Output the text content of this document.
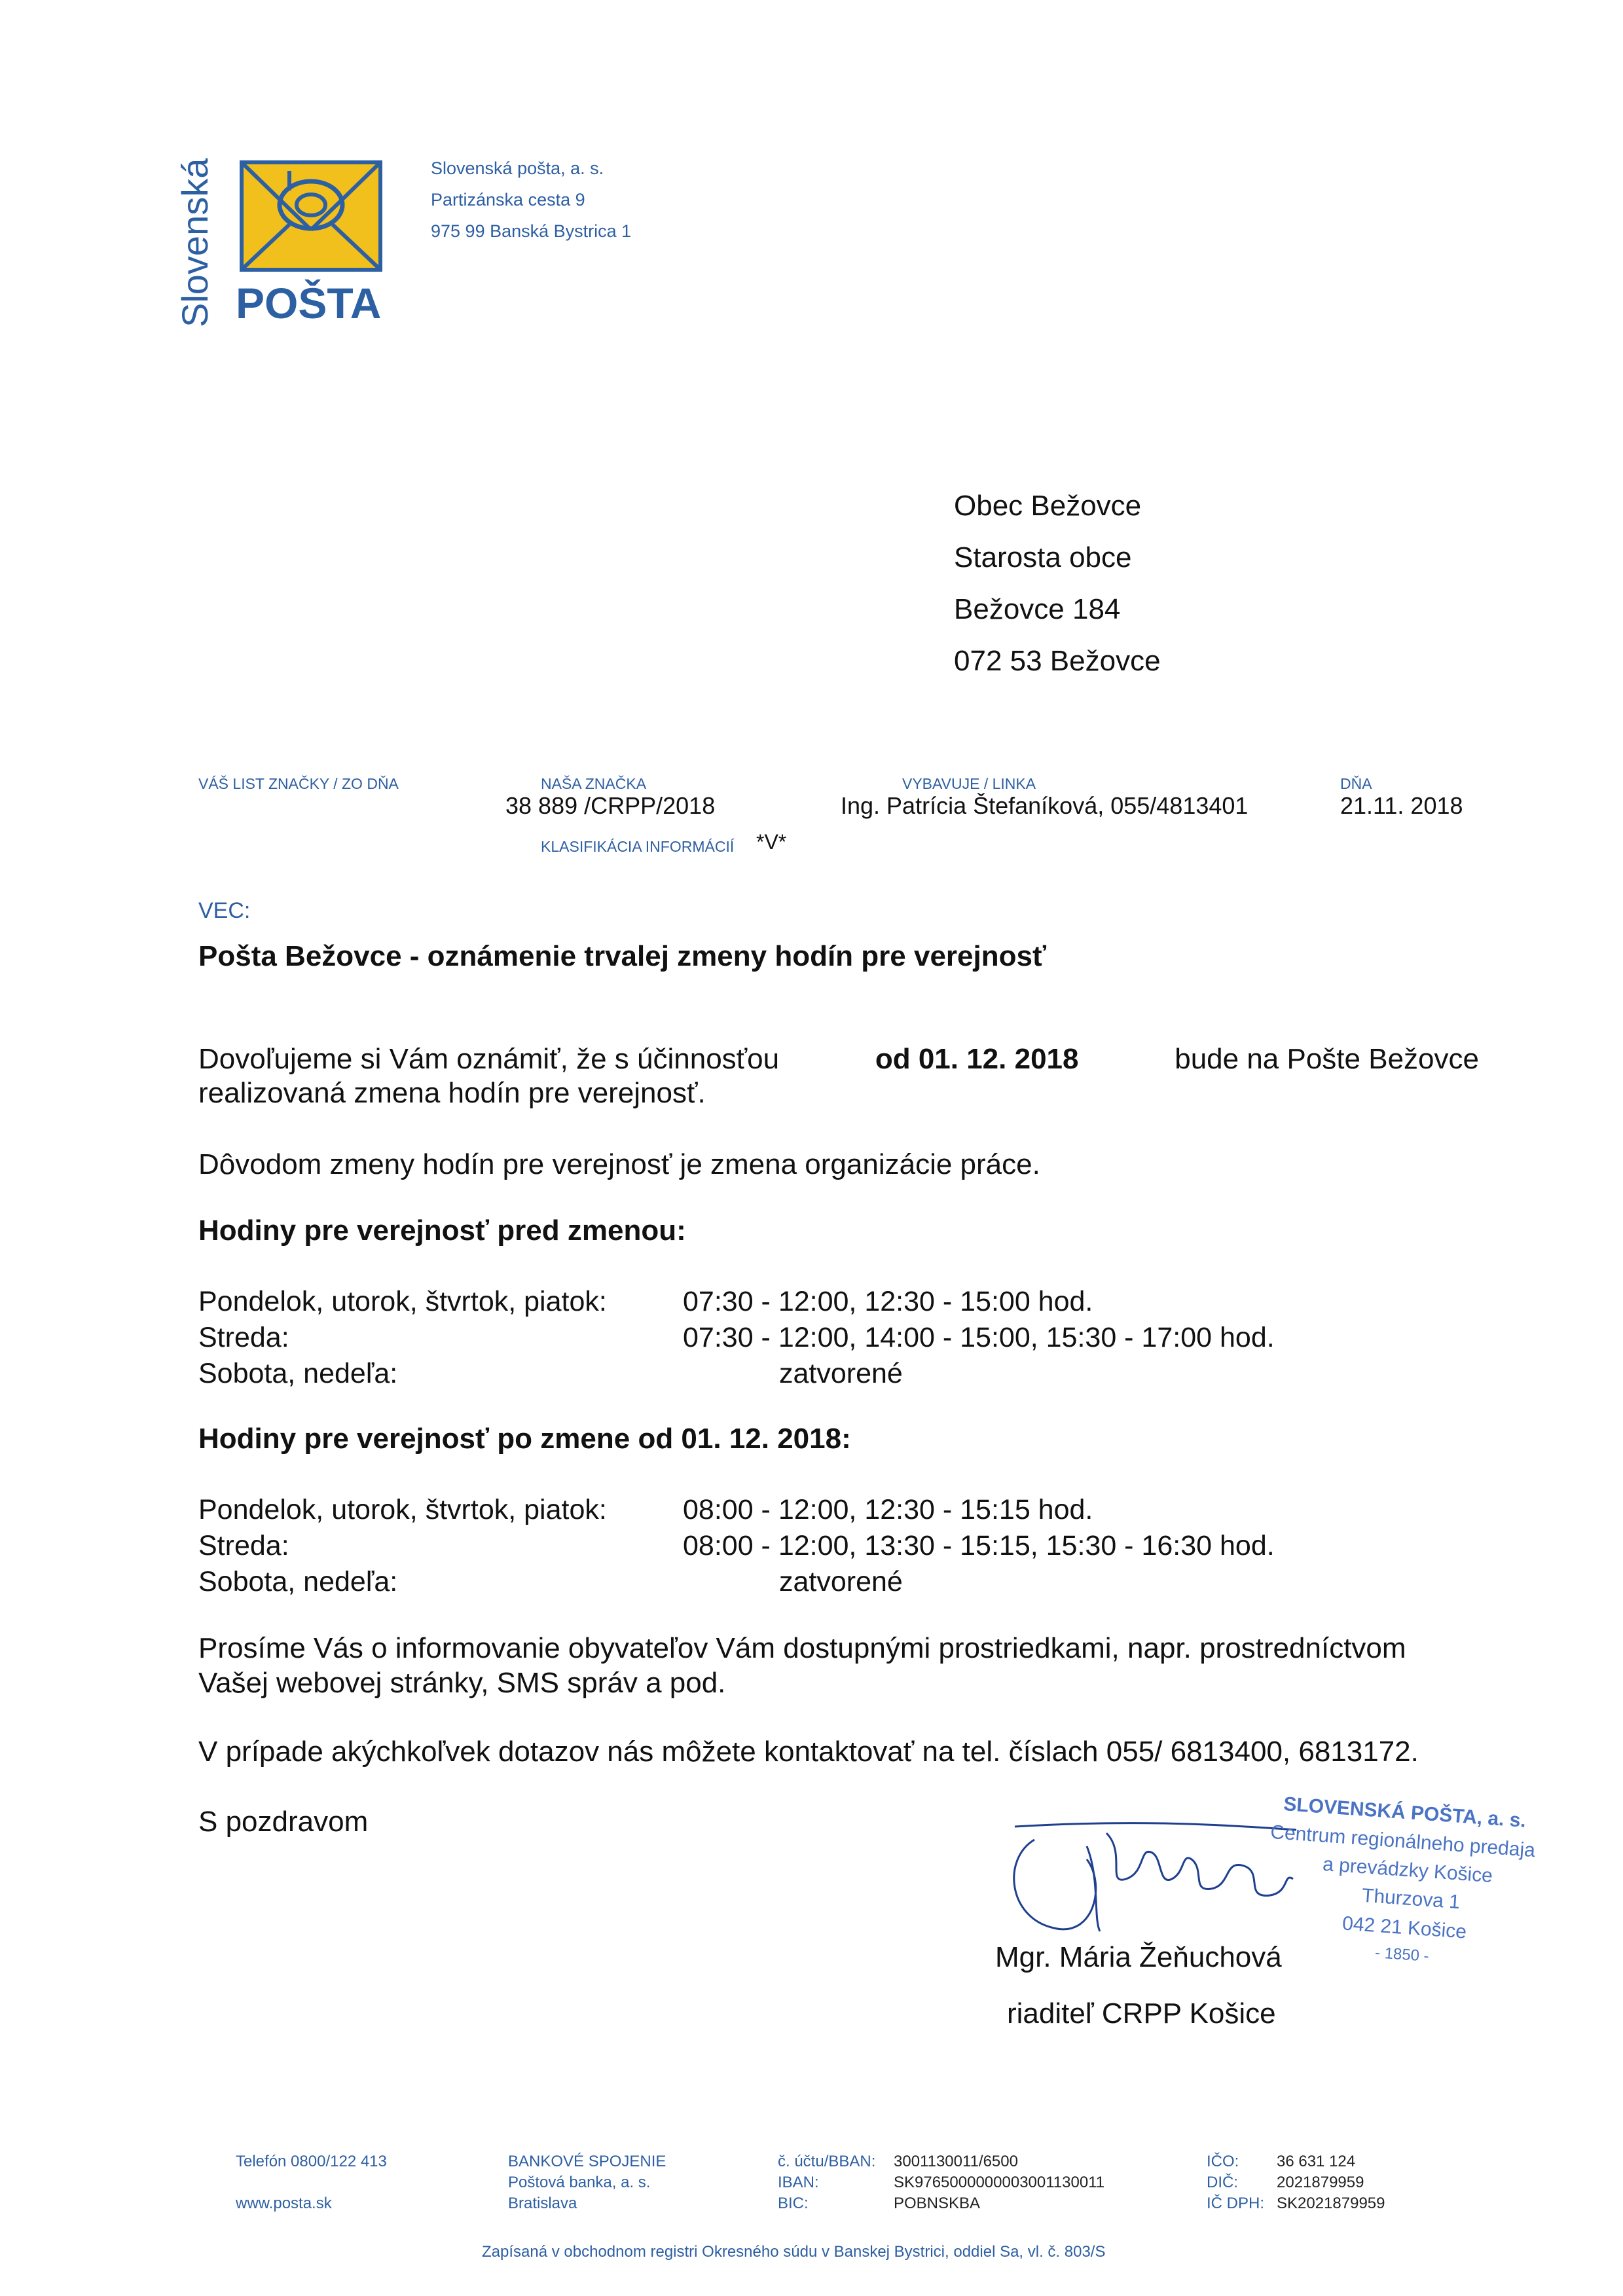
Slovenská POŠTA
Slovenská pošta, a. s.
Partizánska cesta 9
975 99 Banská Bystrica 1
Obec Bežovce
Starosta obce
Bežovce 184
072 53 Bežovce
VÁŠ LIST ZNAČKY / ZO DŇA	NAŠA ZNAČKA
38 889 /CRPP/2018
KLASIFIKÁCIA INFORMÁCIÍ *V*
VYBAVUJE / LINKA
Ing. Patrícia Štefaníková, 055/4813401
DŇA
21.11. 2018
VEC:
Pošta Bežovce - oznámenie trvalej zmeny hodín pre verejnosť
Dovoľujeme si Vám oznámiť, že s účinnosťou	od 01. 12. 2018	bude na Pošte Bežovce
realizovaná zmena hodín pre verejnosť.
Dôvodom zmeny hodín pre verejnosť je zmena organizácie práce.
Hodiny pre verejnosť pred zmenou:
Pondelok, utorok, štvrtok, piatok:	07:30 - 12:00, 12:30 - 15:00 hod.
Streda:	07:30 - 12:00, 14:00 - 15:00, 15:30 - 17:00 hod.
Sobota, nedeľa:	zatvorené
Hodiny pre verejnosť po zmene od 01. 12. 2018:
Pondelok, utorok, štvrtok, piatok:	08:00 - 12:00, 12:30 - 15:15 hod.
Streda:	08:00 - 12:00, 13:30 - 15:15, 15:30 - 16:30 hod.
Sobota, nedeľa:	zatvorené
Prosíme Vás o informovanie obyvateľov Vám dostupnými prostriedkami, napr. prostredníctvom
Vašej webovej stránky, SMS správ a pod.
V prípade akýchkoľvek dotazov nás môžete kontaktovať na tel. číslach 055/ 6813400, 6813172.
S pozdravom	SLOVENSKÁ POŠTA, a. s.
Centrum regionálneho predaja
a prevádzky Košice
Thurzova 1
042 21 Košice
- 1850 -
Mgr. Mária Žeňuchová
riaditeľ CRPP Košice
Telefón 0800/122 413
www.posta.sk
BANKOVÉ SPOJENIE
Poštová banka, a. s.
Bratislava
č. účtu/BBAN: 3001130011/6500
IBAN:	SK9765000000003001130011
BIC:	POBNSKBA
IČO: 36 631 124
DIČ: 2021879959
IČ DPH: SK2021879959
Zapísaná v obchodnom registri Okresného súdu v Banskej Bystrici, oddiel Sa, vl. č. 803/S
